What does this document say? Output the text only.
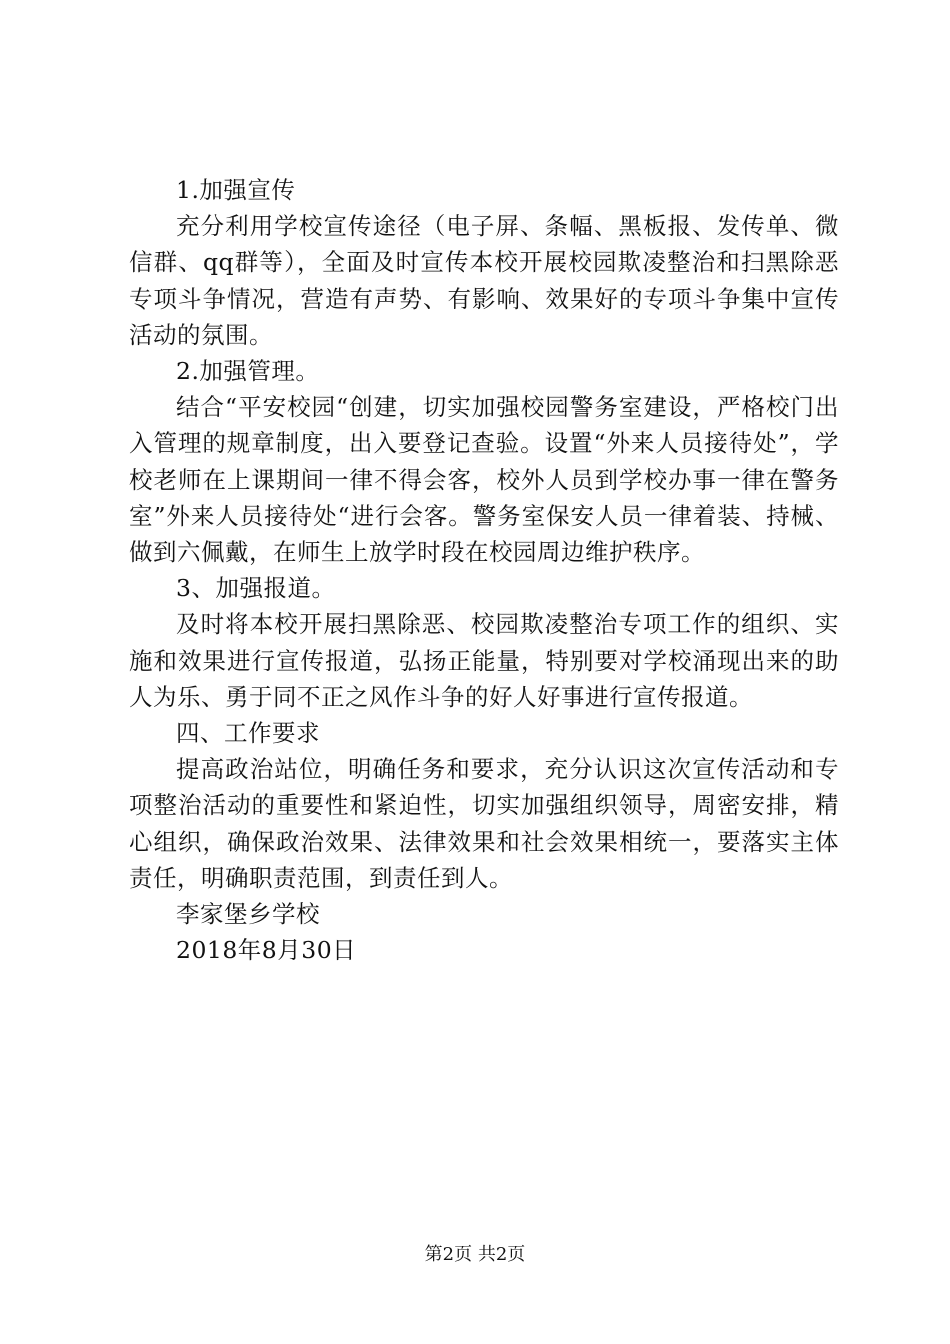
1.加强宣传

充分利用学校宣传途径（电子屏、条幅、黑板报、发传单、微信群、qq群等），全面及时宣传本校开展校园欺凌整治和扫黑除恶专项斗争情况，营造有声势、有影响、效果好的专项斗争集中宣传活动的氛围。

2.加强管理。

结合“平安校园“创建，切实加强校园警务室建设，严格校门出入管理的规章制度，出入要登记查验。设置“外来人员接待处”，学校老师在上课期间一律不得会客，校外人员到学校办事一律在警务室”外来人员接待处“进行会客。警务室保安人员一律着装、持械、做到六佩戴，在师生上放学时段在校园周边维护秩序。

3、加强报道。

及时将本校开展扫黑除恶、校园欺凌整治专项工作的组织、实施和效果进行宣传报道，弘扬正能量，特别要对学校涌现出来的助人为乐、勇于同不正之风作斗争的好人好事进行宣传报道。

四、工作要求

提高政治站位，明确任务和要求，充分认识这次宣传活动和专项整治活动的重要性和紧迫性，切实加强组织领导，周密安排，精心组织，确保政治效果、法律效果和社会效果相统一，要落实主体责任，明确职责范围，到责任到人。

李家堡乡学校

2018年8月30日

第2页 共2页
